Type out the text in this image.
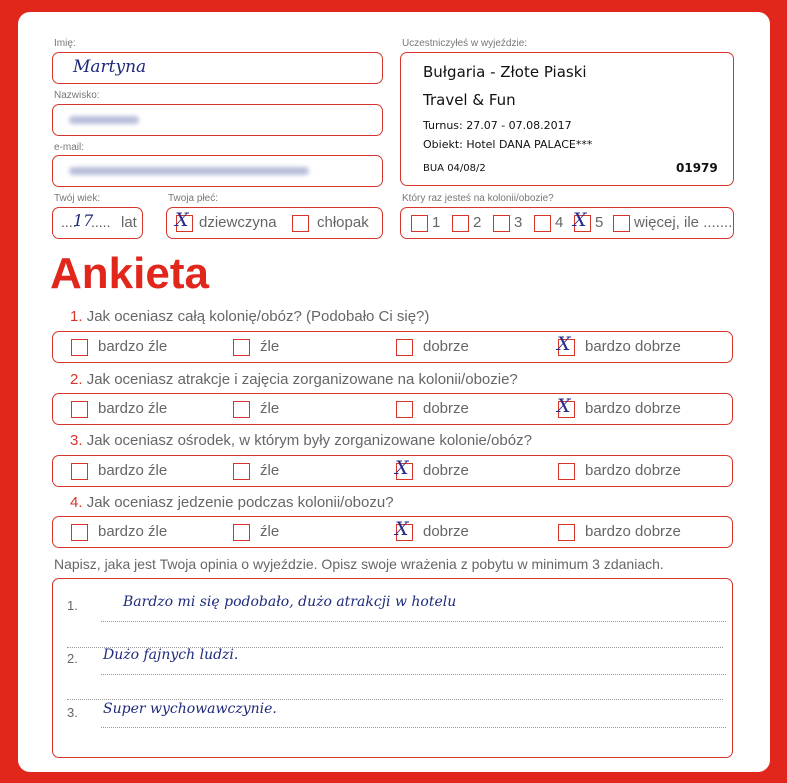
Imię:
Martyna
Nazwisko:
e-mail:
Twój wiek:
....
17
..... lat
Twoja płeć:
X dziewczyna	chłopak
Uczestniczyłeś w wyjeździe:
Bułgaria - Złote Piaski
Travel & Fun
Turnus: 27.07 - 07.08.2017
Obiekt: Hotel DANA PALACE***
BUA 04/08/2	01979
Który raz jesteś na kolonii/obozie?
1 2 3 4 X 5 więcej, ile .......
Ankieta
1. Jak oceniasz całą kolonię/obóz? (Podobało Ci się?)
bardzo źle	źle	dobrze	X bardzo dobrze
2. Jak oceniasz atrakcje i zajęcia zorganizowane na kolonii/obozie?
bardzo źle	źle	dobrze	X bardzo dobrze
3. Jak oceniasz ośrodek, w którym były zorganizowane kolonie/obóz?
bardzo źle	źle	X dobrze	bardzo dobrze
4. Jak oceniasz jedzenie podczas kolonii/obozu?
bardzo źle	źle	X dobrze	bardzo dobrze
Napisz, jaka jest Twoja opinia o wyjeździe. Opisz swoje wrażenia z pobytu w minimum 3 zdaniach.
1.	Bardzo mi się podobało, dużo atrakcji w hotelu
2. Dużo fajnych ludzi.
3. Super wychowawczynie.
